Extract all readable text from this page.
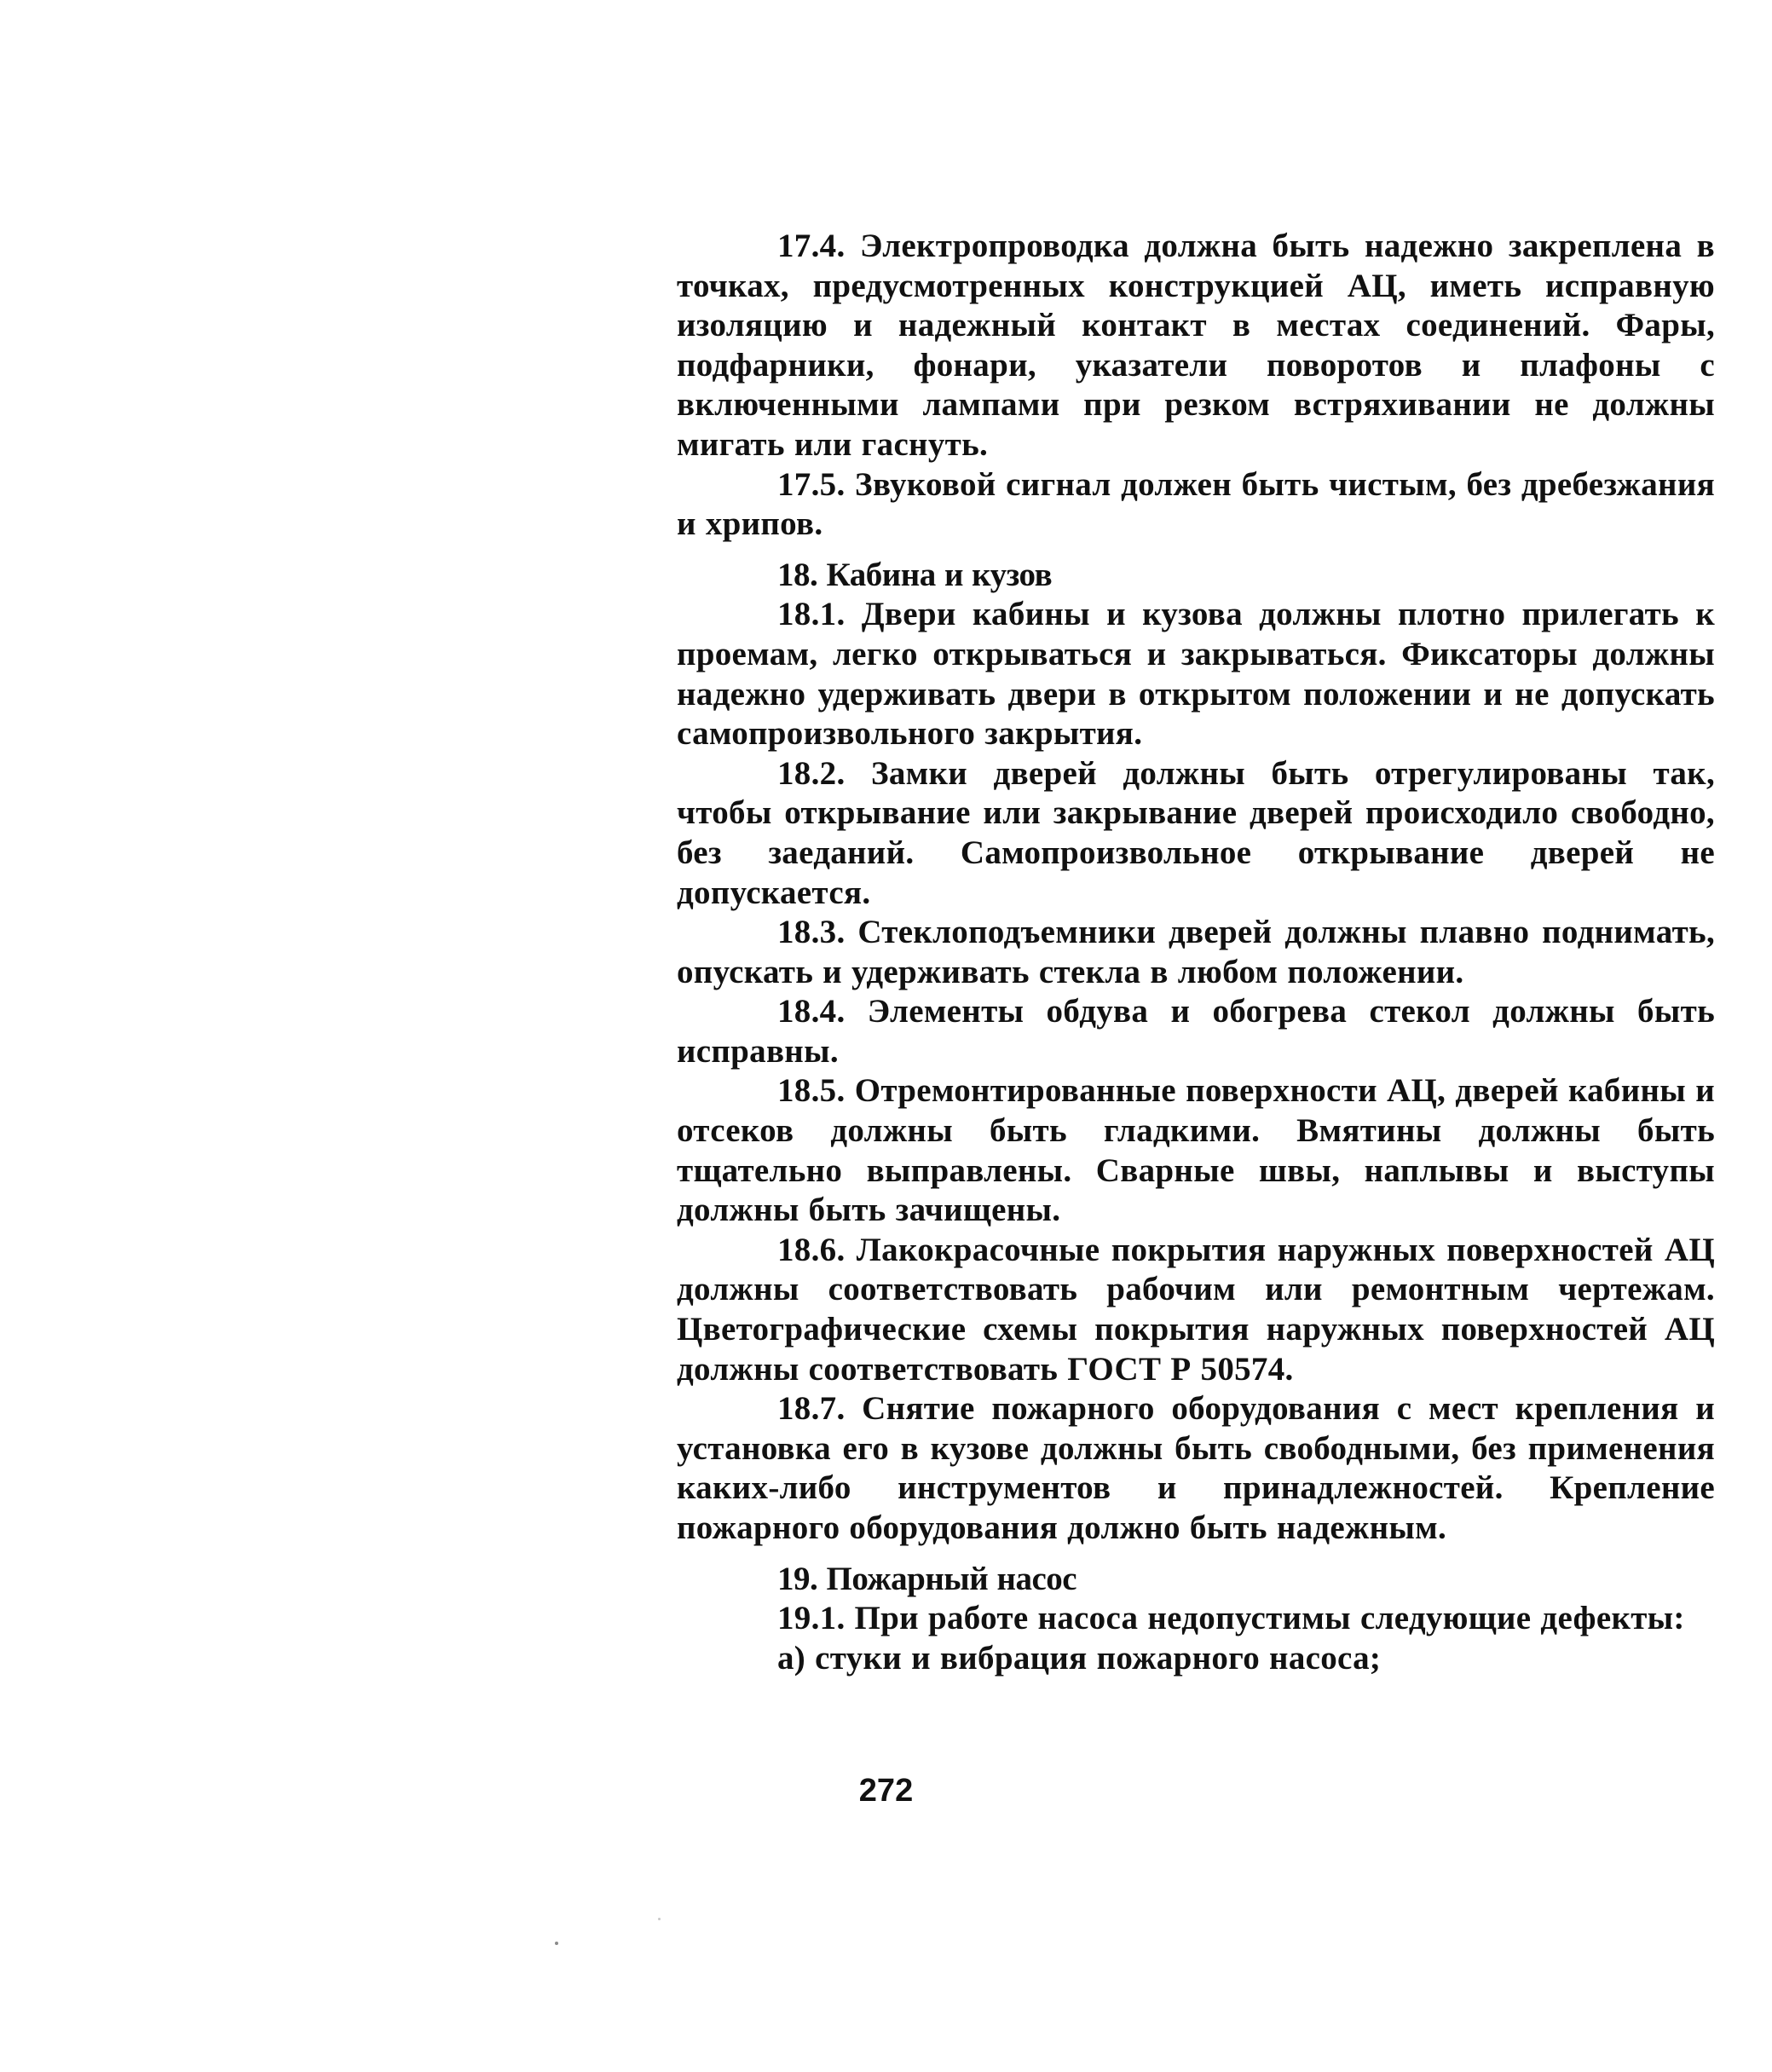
17.4. Электропроводка должна быть надежно закреплена в точках, предусмотренных конструкцией АЦ, иметь исправную изоляцию и надежный контакт в местах соединений. Фары, подфарники, фонари, указатели поворотов и плафоны с включенными лампами при резком встряхивании не должны мигать или гаснуть.

17.5. Звуковой сигнал должен быть чистым, без дребезжания и хрипов.

18. Кабина и кузов

18.1. Двери кабины и кузова должны плотно прилегать к проемам, легко открываться и закрываться. Фиксаторы должны надежно удерживать двери в открытом положении и не допускать самопроизвольного закрытия.

18.2. Замки дверей должны быть отрегулированы так, чтобы открывание или закрывание дверей происходило свободно, без заеданий. Самопроизвольное открывание дверей не допускается.

18.3. Стеклоподъемники дверей должны плавно поднимать, опускать и удерживать стекла в любом положении.

18.4. Элементы обдува и обогрева стекол должны быть исправны.

18.5. Отремонтированные поверхности АЦ, дверей кабины и отсеков должны быть гладкими. Вмятины должны быть тщательно выправлены. Сварные швы, наплывы и выступы должны быть зачищены.

18.6. Лакокрасочные покрытия наружных поверхностей АЦ должны соответствовать рабочим или ремонтным чертежам. Цветографические схемы покрытия наружных поверхностей АЦ должны соответствовать ГОСТ Р 50574.

18.7. Снятие пожарного оборудования с мест крепления и установка его в кузове должны быть свободными, без применения каких-либо инструментов и принадлежностей. Крепление пожарного оборудования должно быть надежным.

19. Пожарный насос

19.1. При работе насоса недопустимы следующие дефекты:

а) стуки и вибрация пожарного насоса;

272
